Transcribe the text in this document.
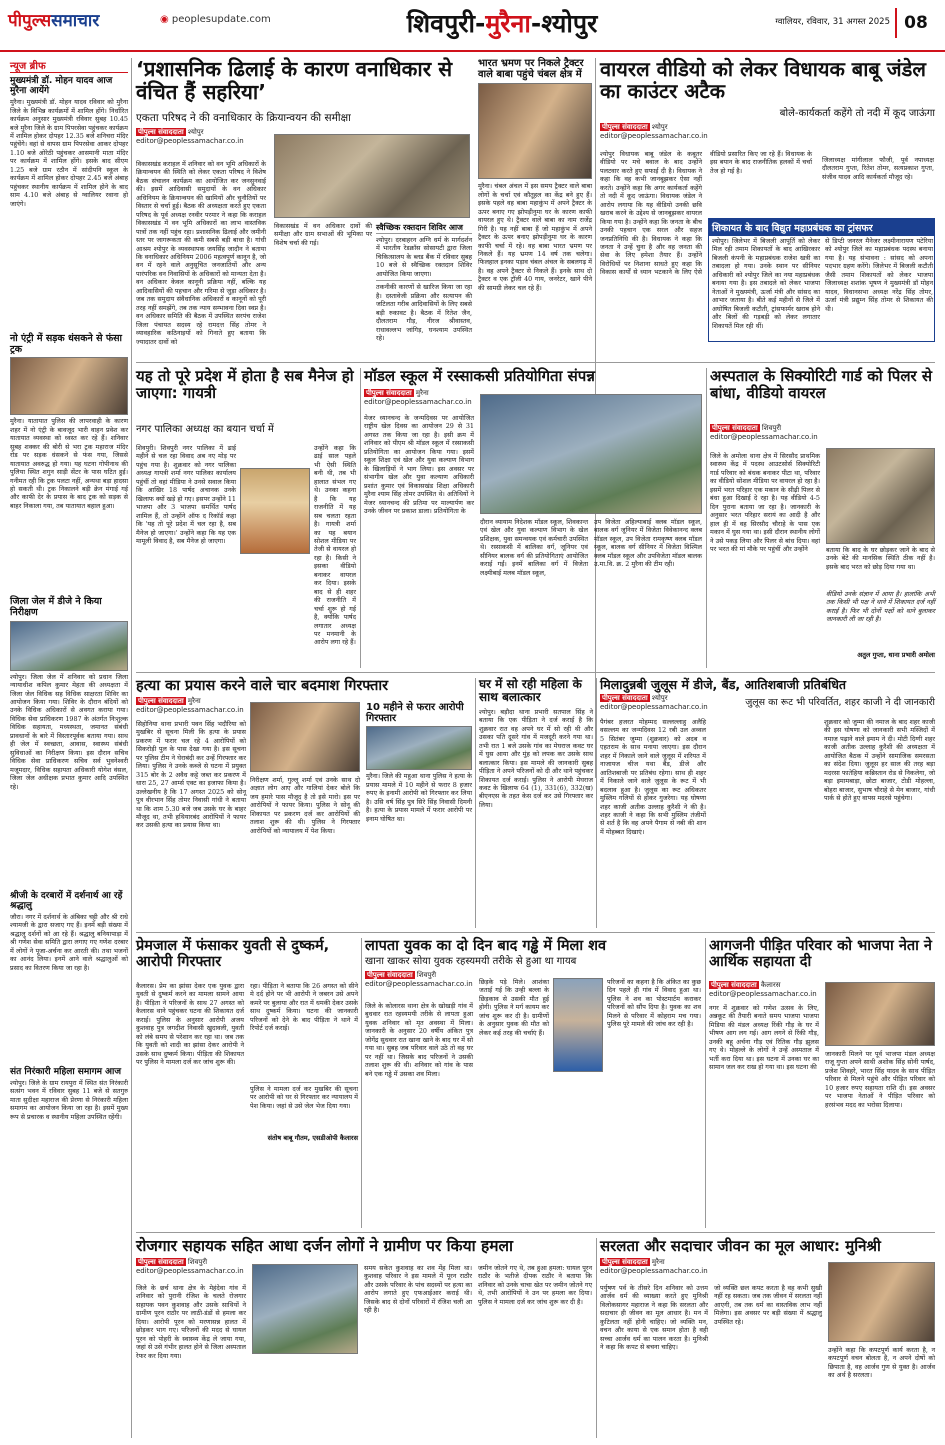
पीपुल्ससमाचार	◉ peoplesupdate.com	शिवपुरी-मुरैना-श्योपुर	ग्वालियर, रविवार, 31 अगस्त 2025 08
न्यूज ब्रीफ
मुख्यमंत्री डॉ. मोहन यादव आज मुरैना आयेंगे
मुरैना। मुख्यमंत्री डॉ. मोहन यादव रविवार को मुरैना जिले के विभिन्न कार्यक्रमों में शामिल होंगे। निर्धारित कार्यक्रम अनुसार मुख्यमंत्री रविवार सुबह 10.45 बजे मुरैना जिले के ग्राम पिपरसेवा पहुंचकर कार्यक्रम में शामिल होकर दोपहर 12.35 बजे शनिचरा मंदिर पहुंचेंगे। वहां से वापस ग्राम पिपरसेवा आकर दोपहर 1.10 बजे ओरेठी पहुंचकर आसमानी माता मंदिर पर कार्यक्रम में शामिल होंगे। इसके बाद सीएम 1.25 बजे ग्राम रठौन में सांदीपनि स्कूल के कार्यक्रम में शामिल होकर दोपहर 2.45 बजे अंबाह पहुंचकर स्थानीय कार्यक्रम में शामिल होने के बाद साम 4.10 बजे अंबाह से ग्वालियर रवाना हो जाएंगे।
नो एंट्री में सड़क धंसकने से फंसा ट्रक
मुरैना। यातायात पुलिस की लापरवाही के कारण शहर में नो एंट्री के बावजूद भारी वाहन प्रवेश कर यातायात व्यवस्था को ध्वस्त कर रहे हैं। शनिवार सुबह शक्कर की बोरी से भरा ट्रक महाराज मंदिर रोड पर सड़क धंसकने से फंस गया, जिससे यातायात अवरुद्ध हो गया। यह घटना गोपीनाथ की पुलिया स्थित शगुन साड़ी सेंटर के पास घटित हुई। गनीमत रही कि ट्रक पलटा नहीं, अन्यथा बड़ा हादसा हो सकती थी। ट्रक निकालने बड़ी क्रेन मंगाई गई और काफी देर के प्रयास के बाद ट्रक को सड़क से बाहर निकाला गया, तब यातायात बहाल हुआ।
जिला जेल में डीजे ने किया निरीक्षण
श्योपुर। जिला जेल में शनिवार को प्रधान जिला न्यायाधीश कपिल कुमार मेहता की अध्यक्षता में जिला जेल विधिक सह विधिक साक्षरता शिविर का आयोजन किया गया। शिविर के दौरान बंदियों को उनके विधिक अधिकारों से अवगत कराया गया। विधिक सेवा प्राधिकरण 1987 के अंतर्गत निःशुल्क विधिक सहायता, मध्यस्थता, जमानत संबंधी प्रावधानों के बारे में विस्तारपूर्वक बताया गया। साथ ही जेल में स्वच्छता, आवास, स्वास्थ्य संबंधी सुविधाओं का निरीक्षण किया। इस दौरान सचिव विधिक सेवा प्राधिकरण सचिव सर्व भुवनेश्वरी मजूमदार, विधिक सहायता अधिकारी योगेश वंसल, जिला जेल अधीक्षक प्रभात कुमार आदि उपस्थित रहे।
श्रीजी के दरबारों में दर्शनार्थ आ रहें श्रद्धालु
जौरा। नगर में दर्शनार्थ के अंबिका चट्टी और श्री राधे श्यामजी के द्वारा सजाए गए हैं। इनमें बड़ी संख्या में श्रद्धालु दर्शनों को आ रहे हैं। श्रद्धालु बनियापाड़ा में श्री गणेश सेवा समिति द्वारा लगाए गए गणेश दरबार में लोगों ने पूजा-अर्चना कर आरती की। तथा भजनों का आनंद लिया। इनमें आने वाले श्रद्धालुओं को प्रसाद का वितरण किया जा रहा है।
संत निरंकारी महिला समागम आज
श्योपुर। जिले के ग्राम रायपुरा में स्थित संत निरंकारी सत्संग भवन में रविवार सुबह 11 बजे से सतगुरु माता सुदीक्षा महाराज की प्रेरणा से निरंकारी महिला समागम का आयोजन किया जा रहा है। इसमें मुख्य रूप से प्रचारक व स्थानीय महिला उपस्थित रहेंगी।
‘प्रशासनिक ढिलाई के कारण वनाधिकार से वंचित हैं सहरिया’
एकता परिषद ने की वनाधिकार के क्रियान्वयन की समीक्षा
पीपुल्स संवाददाता श्योपुर
editor@peoplessamachar.co.in
विकासखंड कराहल में शनिवार को वन भूमि अधिकारों के क्रियान्वयन की स्थिति को लेकर एकता परिषद ने विशेष बैठक संचालन कार्यक्रम का आयोजित कर जनसुनवाई की। इसमें आदिवासी समुदायों के वन अधिकार अधिनियम के क्रियान्वयन की खामियों और चुनौतियों पर विस्तार से चर्चा हुई। बैठक की अध्यक्षता करते हुए एकता परिषद के पूर्व अध्यक्ष रनवीर परमार ने कहा कि कराहल विकासखंड में वन भूमि अधिकारों का लाभ वास्तविक पात्रों तक नहीं पहुंच रहा। प्रशासनिक ढिलाई और जमीनी स्तर पर जागरूकता की कमी सबसे बड़ी बाधा है। गांधी आश्रम श्योपुर के व्यवस्थापक जयसिंह जादौन ने बताया कि वनाधिकार अधिनियम 2006 महत्वपूर्ण कानून है, जो वन में रहने वाले अनुसूचित जनजातियों और अन्य पारंपरिक वन निवासियों के अधिकारों को मान्यता देता है। वन अधिकार केवल कानूनी प्रक्रिया नहीं, बल्कि यह आदिवासियों की पहचान और गरिमा से जुड़ा अधिकार है। जब तक समुदाय संवैधानिक अधिकारों व कानूनों को पूरी तरह नहीं समझेंगे, तब तक न्याय सम्भावना दिवा स्वप्न है। वन अधिकार समिति की बैठक में उपस्थित सरपंच राजेश जिला पंचायत सदस्य रहे रामदत्त सिंह तोमर ने व्यावहारिक कठिनाइयों को गिनाते हुए बताया कि ज्यादातर दावों को
विकासखंड में वन अधिकार दावों की समीक्षा और ग्राम सभाओं की भूमिका पर विशेष चर्चा की गई।
स्वैच्छिक रक्तदान शिविर आज
श्योपुर। दरबाहरन अग्नि धर्म के मार्गदर्शन में भारतीय रेडक्रॉस सोसायटी द्वारा जिला चिकित्सालय के ब्लड बैंक में रविवार सुबह 10 बजे से स्वैच्छिक रक्तदान शिविर आयोजित किया जाएगा।
तकनीकी कारणों से खारिज किया जा रहा है। दस्तावेजी प्रक्रिया और सत्यापन की जटिलता गरीब आदिवासियों के लिए सबसे बड़ी रुकावट है। बैठक में रितेश जैन, दौलतराम गौड़, नीरज श्रीवास्तव, राधावल्लभ जांगिड़, घनश्याम उपस्थित रहे।
भारत भ्रमण पर निकले ट्रैक्टर वाले बाबा पहुंचे चंबल क्षेत्र में
मुरैना। चंबल अंचल में इस समय ट्रैक्टर वाले बाबा लोगों के चर्चा एवं कौतूहल का केंद्र बने हुए हैं। इसके पहले वह बाबा महाकुंभ में अपने ट्रैक्टर के ऊपर बनाए गए झोपड़ीनुमा घर के कारण काफी वायरल हुए थे। ट्रैक्टर वाले बाबा का नाम राजेंद्र गिरी है। यह नहीं बाबा हैं जो महाकुंभ में अपने ट्रैक्टर के ऊपर बनाए झोपड़ीनुमा घर के कारण काफी चर्चा में रहे। वह बाबा भारत भ्रमण पर निकले हैं। यह भ्रमण 14 वर्ष तक चलेगा। फिलहाल इनका पड़ाव चंबल अंचल के सबलगढ़ में है। वह अपने ट्रैक्टर से निकले हैं। इनके साथ दो ट्रैक्टर व एक ट्रॉली 40 गाय, जनरेटर, खाने पीने की सामग्री लेकर चल रहे हैं।
वायरल वीडियो को लेकर विधायक बाबू जंडेल का काउंटर अटैक
बोले-कार्यकर्ता कहेंगे तो नदी में कूद जाऊंगा
पीपुल्स संवाददाता श्योपुर
editor@peoplessamachar.co.in
श्योपुर विधायक बाबू जंडेल के कबूतर वीडियो पर मचे बवाल के बाद उन्होंने पलटवार करते हुए सफाई दी है। विधायक ने कहा कि वह कभी जानबूझकर ऐसा नहीं करते। उन्होंने कहा कि अगर कार्यकर्ता कहेंगे तो नदी में कूद जाऊंगा। विधायक जंडेल ने आरोप लगाया कि यह वीडियो उनकी छवि खराब करने के उद्देश्य से जानबूझकर वायरल किया गया है। उन्होंने कहा कि जनता के बीच उनकी पहचान एक सरल और सहज जनप्रतिनिधि की है। विधायक ने कहा कि जनता ने उन्हें चुना है और वह जनता की सेवा के लिए हमेशा तैयार हैं। उन्होंने विरोधियों पर निशाना साधते हुए कहा कि विकास कार्यों से ध्यान भटकाने के लिए ऐसे वीडियो प्रसारित किए जा रहे हैं। विधायक के इस बयान के बाद राजनीतिक हलकों में चर्चा तेज हो गई है।
जिलाध्यक्ष मांगीलाल फौजी, पूर्व नपाध्यक्ष दौलतराम गुप्ता, रितेश तोमर, सत्यप्रकाश गुप्ता, संजीव यादव आदि कार्यकर्ता मौजूद रहे।
शिकायत के बाद विद्युत महाप्रबंधक का ट्रांसफर
श्योपुर। जिलेभर में बिजली आपूर्ति को लेकर मिल रही तमाम शिकायतों के बाद आखिरकार बिजली कंपनी के महाप्रबंधक राजेश खत्री का तबादला हो गया। उनके स्थान पर सीनियर अधिकारी को श्योपुर जिले का नया महाप्रबंधक बनाया गया है। इस तबादले को लेकर भाजपा नेताओं ने मुख्यमंत्री, ऊर्जा मंत्री और सांसद का आभार जताया है। बीते कई महीनों से जिले में अघोषित बिजली कटौती, ट्रांसफार्मर खराब होने और बिलों की गड़बड़ी को लेकर लगातार शिकायतें मिल रही थीं।
से डिप्टी जनरल मैनेजर लक्ष्मीनारायण पटेरिया को श्योपुर जिले का महाप्रबंधक पदस्थ बनाया गया है। यह संभावना : सांसद को अपना पदभार ग्रहण करेंगे। जिलेभर में बिजली कटौती जैसी तमाम शिकायतों को लेकर भाजपा जिलाध्यक्ष शशांक भूषण ने मुख्यमंत्री डॉ मोहन यादव, विधानसभा अध्यक्ष नरेंद्र सिंह तोमर, ऊर्जा मंत्री प्रद्युम्न सिंह तोमर से शिकायत की थी।
यह तो पूरे प्रदेश में होता है सब मैनेज हो जाएगा: गायत्री
नगर पालिका अध्यक्ष का बयान चर्चा में
शिवपुरी। शिवपुरी नगर पालिका में ढाई महीने से चल रहा विवाद अब नए मोड़ पर पहुंच गया है। शुक्रवार को नगर पालिका अध्यक्ष गायत्री शर्मा नगर पालिका कार्यालय पहुंचीं तो वहां मीडिया ने उनसे सवाल किया कि आखिर 18 पार्षद अचानक उनके खिलाफ क्यों खड़े हो गए। इसपर उन्होंने 11 भाजपा और 3 भाजपा समर्थित पार्षद शामिल हैं, तो उन्होंने ऑफ द रिकॉर्ड कहा कि 'यह तो पूरे प्रदेश में चल रहा है, सब मैनेज हो जाएगा।' उन्होंने कहा कि यह एक मामूली विवाद है, सब मैनेज हो जाएगा।
उन्होंने कहा कि ढाई साल पहले भी ऐसी स्थिति बनी थी, तब भी हालात संभल गए थे। उनका कहना है कि यह राजनीति में यह सब चलता रहता है। गायत्री शर्मा का यह बयान सोशल मीडिया पर तेजी से वायरल हो रहा है। किसी ने इसका वीडियो बनाकर वायरल कर दिया। इसके बाद से ही शहर की राजनीति में चर्चा शुरू हो गई है, क्योंकि पार्षद लगातार अध्यक्ष पर मनमानी के आरोप लगा रहे हैं।
मॉडल स्कूल में रस्साकसी प्रतियोगिता संपन्न
पीपुल्स संवाददाता मुरैना
editor@peoplessamachar.co.in
मेजर ध्यानचन्द के जन्मदिवस पर आयोजित राष्ट्रीय खेल दिवस का आयोजन 29 से 31 अगस्त तक किया जा रहा है। इसी क्रम में शनिवार को पीएम श्री मॉडल स्कूल में रस्साकसी प्रतियोगिता का आयोजन किया गया। इसमें स्कूल शिक्षा एवं खेल और युवा कल्याण विभाग के खिलाड़ियों ने भाग लिया। इस अवसर पर संभागीय खेल और युवा कल्याण अधिकारी प्रशांत कुमार एवं विकासखंड शिक्षा अधिकारी मुरैना श्याम सिंह तोमर उपस्थित थे। अतिथियों ने मेजर ध्यानचन्द की प्रतिमा पर माल्यार्पण कर उनके जीवन पर प्रकाश डाला। प्रतियोगिता के
दौरान व्यायाम निदेशक मॉडल स्कूल, शिवकान्त एवं खेल और युवा कल्याण विभाग के खेल प्रशिक्षक, युवा समन्वयक एवं कर्मचारी उपस्थित थे। रस्साकसी में बालिका वर्ग, जूनियर एवं सीनियर बालक वर्ग की प्रतियोगिताएं आयोजित कराई गईं। इनमें बालिका वर्ग में विजेता लक्ष्मीबाई मलब मॉडल स्कूल,
उप विजेता अहिल्याबाई क्लब मॉडल स्कूल, बालक वर्ग जूनियर में विजेता विवेकानन्द क्लब मॉडल स्कूल, उप विजेता रामकृष्ण क्लब मॉडल स्कूल, बालक वर्ग सीनियर में विजेता विश्मिल क्लब मॉडल स्कूल और उपविजेता मॉडल बालक उ.मा.वि. क्र. 2 मुरैना की टीम रही।
अस्पताल के सिक्योरिटी गार्ड को पिलर से बांधा, वीडियो वायरल
पीपुल्स संवाददाता शिवपुरी
editor@peoplessamachar.co.in
जिले के अमोला थाना क्षेत्र में सिरसौद प्राथमिक स्वास्थ्य केंद्र में पदस्थ आउटसोर्स सिक्योरिटी गार्ड परिवार को बंधक बनाकर पीटा था, परिवार का वीडियो सोशल मीडिया पर वायरल हो रहा है। इसमें भरत परिहार एक मकान के सीढ़ी पिलर से बंधा हुआ दिखाई दे रहा है। यह वीडियो 4-5 दिन पुराना बताया जा रहा है। जानकारी के अनुसार भरत परिहार सरायं का आदी है और हाल ही में वह सिरसौद चौराहे के पास एक मकान में घुस गया था। इसी दौरान स्थानीय लोगों ने उसे पकड़ लिया और पिलर से बांध दिया। वहां पर भरत की मां मौके पर पहुंचीं और उन्होंने	बताया कि बाद के घर छोड़कर जाने के बाद से उनके बेटे की मानसिक स्थिति ठीक नहीं है। इसके बाद भरत को छोड़ दिया गया था।
वीडियो उनके संज्ञान में आया है। हालांकि अभी तक किसी भी पक्ष ने थाने में शिकायत दर्ज नहीं कराई है। फिर भी दोनों पक्षों को थाने बुलाकर जानकारी ली जा रही है।
अतुल गुप्ता, थाना प्रभारी अमोला
हत्या का प्रयास करने वाले चार बदमाश गिरफ्तार
पीपुल्स संवाददाता मुरैना
editor@peoplessamachar.co.in
सिहोनिया थाना प्रभारी पवन सिंह भदौरिया को मुखबिर से सूचना मिली कि हत्या के प्रयास प्रकरण में फरार चल रहे 4 आरोपियों को सिकरोड़ी पुल के पास देखा गया है। इस सूचना पर पुलिस टीम ने घेराबंदी कर उन्हें गिरफ्तार कर लिया। पुलिस ने उनके कब्जे से घटना में प्रयुक्त 315 बोर के 2 अवैध कट्टे जब्त कर प्रकरण में धारा 25, 27 आर्म्स एक्ट का इजाफा किया है। उल्लेखनीय है कि 17 अगस्त 2025 को सोनू पुत्र वीरभान सिंह तोमर निवासी गांधी ने बताया था कि शाम 5.30 बजे जब उसके घर के बाहर मौजूद था, तभी हथियारबंद आरोपियों ने फायर कर उसकी हत्या का प्रयास किया था।
निरीक्षण शर्मा, गुल्लू शर्मा एवं उनके साथ दो अज्ञात लोग आए और गालियां देकर बोले कि जय हमारे पास मौजूद है तो इसे मारो। इस पर आरोपियों ने फायर किया। पुलिस ने सोनू की शिकायत पर प्रकरण दर्ज कर आरोपियों की तलाश शुरू की थी। पुलिस ने गिरफ्तार आरोपियों को न्यायालय में पेश किया।
10 महीने से फरार आरोपी गिरफ्तार
मुरैना। जिले की महुआ थाना पुलिस ने हत्या के प्रयास मामले में 10 महीने से फरार 8 हजार रुपए के इनामी आरोपी को गिरफ्तार कर लिया है। उसि वर्ष सिंह पुत्र सिरे सिंह निवासी दिमनी है। हत्या के प्रयास मामले में फरार आरोपी पर इनाम घोषित था।
घर में सो रही महिला के साथ बलात्कार
श्योपुर। बड़ौदा थाना प्रभारी सतपाल सिंह ने बताया कि एक पीड़िता ने दर्ज कराई है कि शुक्रवार रात वह अपने घर में सो रही थी और उसका पति दूसरे गांव में मजदूरी करने गया था। तभी रात 1 बजे उसके गांव का मेघराज कवट घर में घुस आया और मुंह को लपक कर उसके साथ बलात्कार किया। इस मामले की जानकारी सुबह पीड़िता ने अपने परिजनों को दी और थाने पहुंचकर शिकायत दर्ज कराई। पुलिस ने आरोपी मेघराज कवट के खिलाफ 64 (1), 331(6), 332(ख) बीएनएस के तहत केस दर्ज कर उसे गिरफ्तार कर लिया।
मिलादुन्नबी जुलूस में डीजे, बैंड, आतिशबाजी प्रतिबंधित
पीपुल्स संवाददाता श्योपुर
editor@peoplessamachar.co.in	जुलूस का रूट भी परिवर्तित, शहर काजी ने दी जानकारी
पैगंबर हजरत मोहम्मद सल्लल्लाहु अलैहि वसल्लम का जन्मदिवस 12 रबी उल अव्वल 5 सितंबर जुम्मा (शुक्रवार) को अदब व एहतराम के साथ मनाया जाएगा। इस दौरान शहर में निकाले जाने वाले जुलूस में शरियत में नाजायज चीज यथा बैंड, डीजे और आतिशबाजी पर प्रतिबंध रहेगा। साथ ही शहर में निकाले जाने वाले जुलूस के रूट में भी बदलाव हुआ है। जुलूस का रूट अधिकतर मुस्लिम गलियों से होकर गुजरेगा। यह घोषणा शहर काजी अतीक उल्लाह कुरैशी ने की है। शहर काजी ने कहा कि सभी मुस्लिम तंजीमों से शर्त है कि वह अपने पैगाम से नबी की शान में मोहब्बत दिखाएं।
शुक्रवार को जुम्मा की नमाज के बाद शहर काजी की इस घोषणा को जानकारी सभी मस्जिदों में नमाज पढ़ाने वाले इमाम ने दी। मोटी दिग्गी शहर काजी अतीक उल्लाह कुरैशी की अध्यक्षता में आयोजित बैठक में उन्होंने सामाजिक समरसता का संदेश दिया। जुलूस हर साल की तरह बड़ा मदरसा फातेहिया कब्रिस्तान रोड से निकलेगा, जो बड़ा इमामबाड़ा, छोटा बाजार, टोडी मोहल्ला, बोहरा बाजार, सुभाष चौराहे से मेन बाजार, गांधी पार्क से होते हुए वापस मदरसे पहुंचेगा।
प्रेमजाल में फंसाकर युवती से दुष्कर्म, आरोपी गिरफ्तार
कैलारस। प्रेम का झांसा देकर एक युवक द्वारा युवती से दुष्कर्म करने का मामला सामने आया है। पीड़िता ने परिजनों के साथ 27 अगस्त को कैलारस थाने पहुंचकर घटना की शिकायत दर्ज कराई। पुलिस के अनुसार आरोपी अजय कुशवाह पुत्र जगदीश निवासी खुदावली, युवती को लंबे समय से परेशान कर रहा था। जब तक कि युवती को शादी का झांसा देकर आरोपी ने उसके साथ दुष्कर्म किया। पीड़िता की शिकायत पर पुलिस ने मामला दर्ज कर जांच शुरू की।
रहा। पीड़िता ने बताया कि 26 अगस्त को सीने मे दर्द होने पर भी आरोपी ने जबरन उसे अपने कमरे पर बुलाया और रात में धमकी देकर उसके साथ दुष्कर्म किया। घटना की जानकारी परिजनों को देने के बाद पीड़िता ने थाने में रिपोर्ट दर्ज कराई।
पुलिस ने मामला दर्ज कर मुखबिर की सूचना पर आरोपी को घर से गिरफ्तार कर न्यायालय में पेश किया। जहां से उसे जेल भेज दिया गया।
संतोष बाबू गौतम, एसडीओपी कैलारस
लापता युवक का दो दिन बाद गड्ढे में मिला शव
खाना खाकर सोया युवक रहस्यमयी तरीके से हुआ था गायब
पीपुल्स संवाददाता शिवपुरी
editor@peoplessamachar.co.in
जिले के कोलारस थाना क्षेत्र के खोखड़ी गांव में बुधवार रात रहस्यमयी तरीके से लापता हुआ युवक शनिवार को मृत अवस्था में मिला। जानकारी के अनुसार 20 वर्षीय अंकित पुत्र जोगेंद्र सुधवार रात खाना खाने के बाद घर में सो गया था। सुबह जब परिवार वाले उठे तो वह घर पर नहीं था। जिसके बाद परिजनों ने उसकी तलाश शुरू की थी। शनिवार को गांव के पास बने एक गड्ढे में उसका शव मिला।
छिड़के पड़े मिले। आशंका जताई गई कि उन्ही बल्ला के छिड़काव से उसकी मौत हुई होगी। पुलिस ने मर्ग कायम कर जांच शुरू कर दी है। ग्रामीणों के अनुसार युवक की मौत को लेकर कई तरह की चर्चाएं हैं।
परिजनों का कहना है कि अंकित का कुछ दिन पहले ही गांव में विवाद हुआ था। पुलिस ने शव का पोस्टमार्टम कराकर परिजनों को सौंप दिया है। युवक का शव मिलने से परिवार में कोहराम मच गया। पुलिस पूरे मामले की जांच कर रही है।
आगजनी पीड़ित परिवार को भाजपा नेता ने आर्थिक सहायता दी
पीपुल्स संवाददाता कैलारस
editor@peoplessamachar.co.in
नगर में शुक्रवार को गणेश उत्सव के लिए, अन्नकूट की तैयारी बनाते समय भाजपा भाजपा मिडिया की मंडल अध्यक्ष रिंकी गौड़ के घर में भीषण आग लग गई। आग लगने से रिंकी गौड़, उनकी बहू अर्चना गौड़ एवं रितिक गौड़ झुलस गए थे। मोहल्ले के लोगों ने उन्हें अस्पताल में भर्ती करा दिया था। इस घटना में उनका घर का सामान जल कर राख हो गया था। इस घटना की
जानकारी मिलने पर पूर्व भाजपा मंडल अध्यक्ष राजू गुप्ता अपने साथी अशोक सिंह सोनी पार्षद, प्रजेश शिवहरे, भारत सिंह यादव के साथ पीड़ित परिवार से मिलने पहुंचे और पीड़ित परिवार को 10 हजार रुपए सहायता राशि दी। इस अवसर पर भाजपा नेताओं ने पीड़ित परिवार को हरसंभव मदद का भरोसा दिलाया।
रोजगार सहायक सहित आधा दर्जन लोगों ने ग्रामीण पर किया हमला
पीपुल्स संवाददाता शिवपुरी
editor@peoplessamachar.co.in
जिले के छर्च थाना क्षेत्र के मेहंदेवा गांव में शनिवार को पुरानी रंजिश के चलते रोजगार सहायक पवन कुशवाह और उसके साथियों ने ग्रामीण पूरन राठौर पर लाठी-डंडों से हमला कर दिया। आरोपी पूरन को मरणासन्न हालत में छोड़कर भाग गए। परिजनों की मदद से घायल पूरन को पोहरी के स्वास्थ्य केंद्र ले जाया गया, जहां से उसे गंभीर हालत होने से जिला अस्पताल रेफर कर दिया गया।
समय सकेत कुशवाह का शव मेंह मिला था। कुशवाह परिवार ने इस मामले में पूरन राठौर और उसके परिवार के पांच सदस्यों पर हत्या का आरोप लगाते हुए एफआईआर कराई थी। जिसके बाद से दोनों परिवारों में रंजिश चली आ रही है।
जमीन जोतने गए थे, तब हुआ हमला: घायल पूरन राठौर के भतीजे दीपक राठौर ने बताया कि शनिवार को उनके चाचा खेत पर जमीन जोतने गए थे, तभी आरोपियों ने उन पर हमला कर दिया। पुलिस ने मामला दर्ज कर जांच शुरू कर दी है।
सरलता और सदाचार जीवन का मूल आधार: मुनिश्री
पीपुल्स संवाददाता मुरैना
editor@peoplessamachar.co.in
पर्युषण पर्व के तीसरे दिन शनिवार को उत्तम आर्जव धर्म की व्याख्या करते हुए मुनिश्री विलोकसागर महाराज ने कहा कि सरलता और सदाचार ही जीवन का मूल आधार है। मन में कुटिलता नहीं होनी चाहिए। जो व्यक्ति मन, वचन और काया से एक समान होता है वही सच्चा आर्जव धर्म का पालन करता है। मुनिश्री ने कहा कि कपट से बचना चाहिए।
जो व्यक्ति छल कपट करता है वह कभी सुखी नहीं रह सकता। जब तक जीवन में सरलता नहीं आएगी, तब तक धर्म का वास्तविक लाभ नहीं मिलेगा। इस अवसर पर बड़ी संख्या में श्रद्धालु उपस्थित रहे।
उन्होंने कहा कि कपटपूर्ण कार्य करता है, न कपटपूर्ण वचन बोलता है, न अपने दोषों को छिपाता है, वह आर्जव गुण से युक्त है। आर्जव का अर्थ है सरलता।
